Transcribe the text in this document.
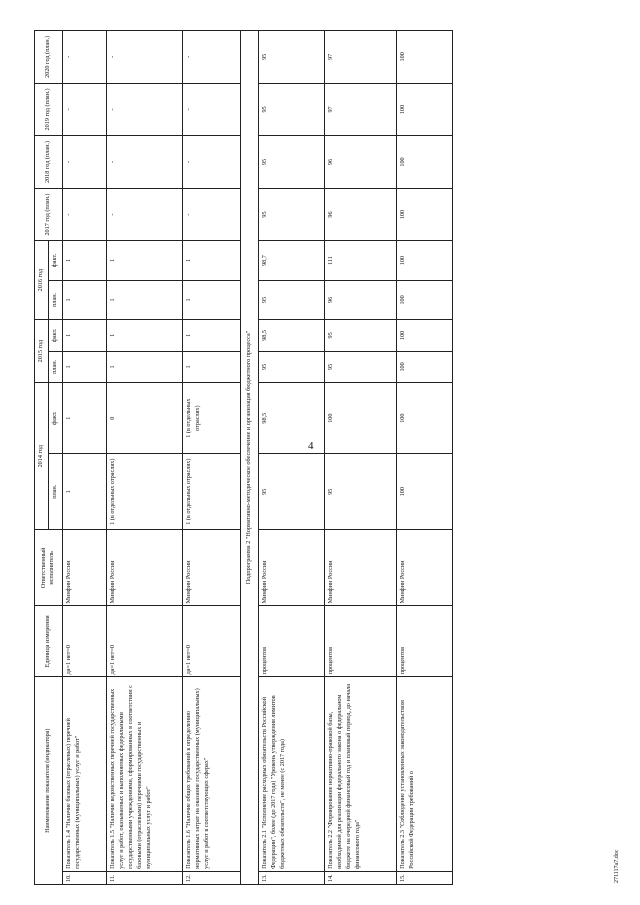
4
Наименование показателя (индикатора)		Единица измерения	Ответственный исполнитель	2014 год		2015 год		2016 год		2017 год (план.)	2018 год (план.)	2019 год (план.)	2020 год (план.)
				план.	факт.	план.	факт.	план.	факт.				
10.	Показатель 1.4 "Наличие базовых (отраслевых) перечней государственных (муниципальных) услуг и работ"	да=1 нет=0	Минфин России	1	1	1	1	1	1	-	-	-	-
11.	Показатель 1.5 "Наличие ведомственных перечней государственных услуг и работ, оказываемых и выполняемых федеральными государственными учреждениями, сформированных в соответствии с базовыми (отраслевыми) перечнями государственных и муниципальных услуг и работ"	да=1 нет=0	Минфин России	1 (в отдельных отраслях)	0	1	1	1	1	-	-	-	-
12.	Показатель 1.6 "Наличие общих требований к определению нормативных затрат на оказание государственных (муниципальных) услуг и работ в соответствующих сферах"	да=1 нет=0	Минфин России	1 (в отдельных отраслях)	1 (в отдельных отраслях)	1	1	1	1	-	-	-	-
Подпрограмма 2 "Нормативно-методическое обеспечение и организация бюджетного процесса"													
13.	Показатель 2.1 "Исполнение расходных обязательств Российской Федерации", более (до 2017 года) "Уровень утверждения лимитов бюджетных обязательств", не менее (с 2017 года)	процентов	Минфин России	95	98,5	95	98,5	95	98,7	95	95	95	95
14.	Показатель 2.2 "Формирование нормативно-правовой базы, необходимой для реализации федерального закона о федеральном бюджете на очередной финансовый год и плановый период, до начала финансового года"	процентов	Минфин России	95	100	95	95	96	111	96	96	97	97
15.	Показатель 2.3 "Соблюдение установленных законодательством Российской Федерации требований о	процентов	Минфин России	100	100	100	100	100	100	100	100	100	100
271117a7.doc
